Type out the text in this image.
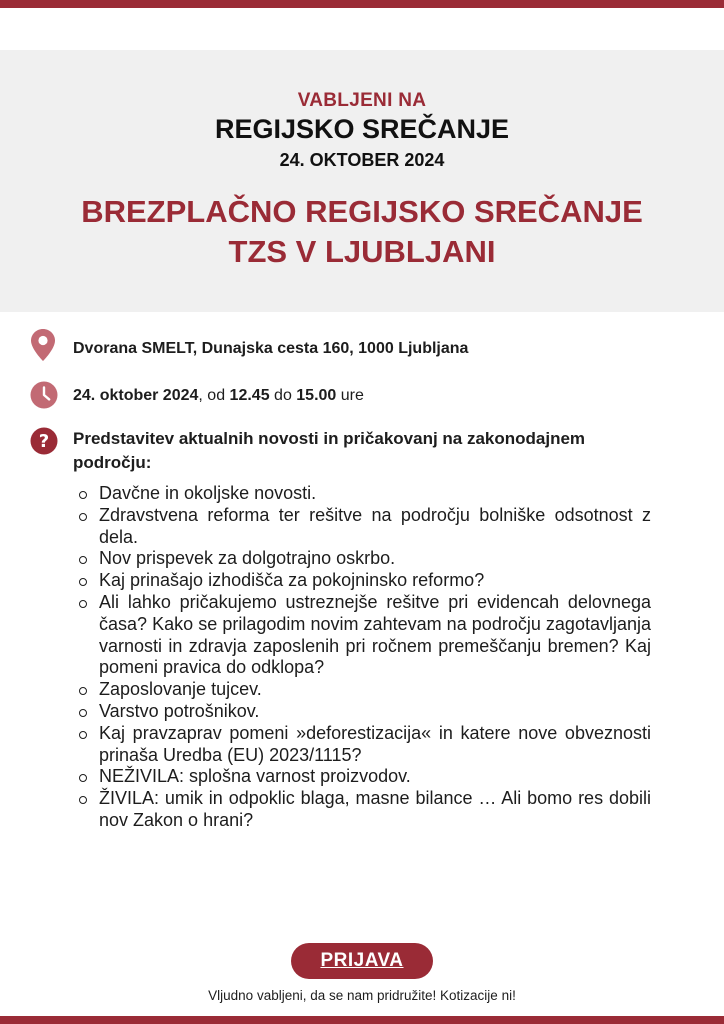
VABLJENI NA
REGIJSKO SREČANJE
24. OKTOBER 2024
BREZPLAČNO REGIJSKO SREČANJE
TZS V LJUBLJANI
Dvorana SMELT, Dunajska cesta 160, 1000 Ljubljana
24. oktober 2024, od 12.45 do 15.00 ure
? Predstavitev aktualnih novosti in pričakovanj na zakonodajnem področju:
Davčne in okoljske novosti.
Zdravstvena reforma ter rešitve na področju bolniške odsotnost z dela.
Nov prispevek za dolgotrajno oskrbo.
Kaj prinašajo izhodišča za pokojninsko reformo?
Ali lahko pričakujemo ustreznejše rešitve pri evidencah delovnega časa? Kako se prilagodim novim zahtevam na področju zagotavljanja varnosti in zdravja zaposlenih pri ročnem premeščanju bremen? Kaj pomeni pravica do odklopa?
Zaposlovanje tujcev.
Varstvo potrošnikov.
Kaj pravzaprav pomeni »deforestizacija« in katere nove obveznosti prinaša Uredba (EU) 2023/1115?
NEŽIVILA: splošna varnost proizvodov.
ŽIVILA: umik in odpoklic blaga, masne bilance … Ali bomo res dobili nov Zakon o hrani?
PRIJAVA
Vljudno vabljeni, da se nam pridružite! Kotizacije ni!
